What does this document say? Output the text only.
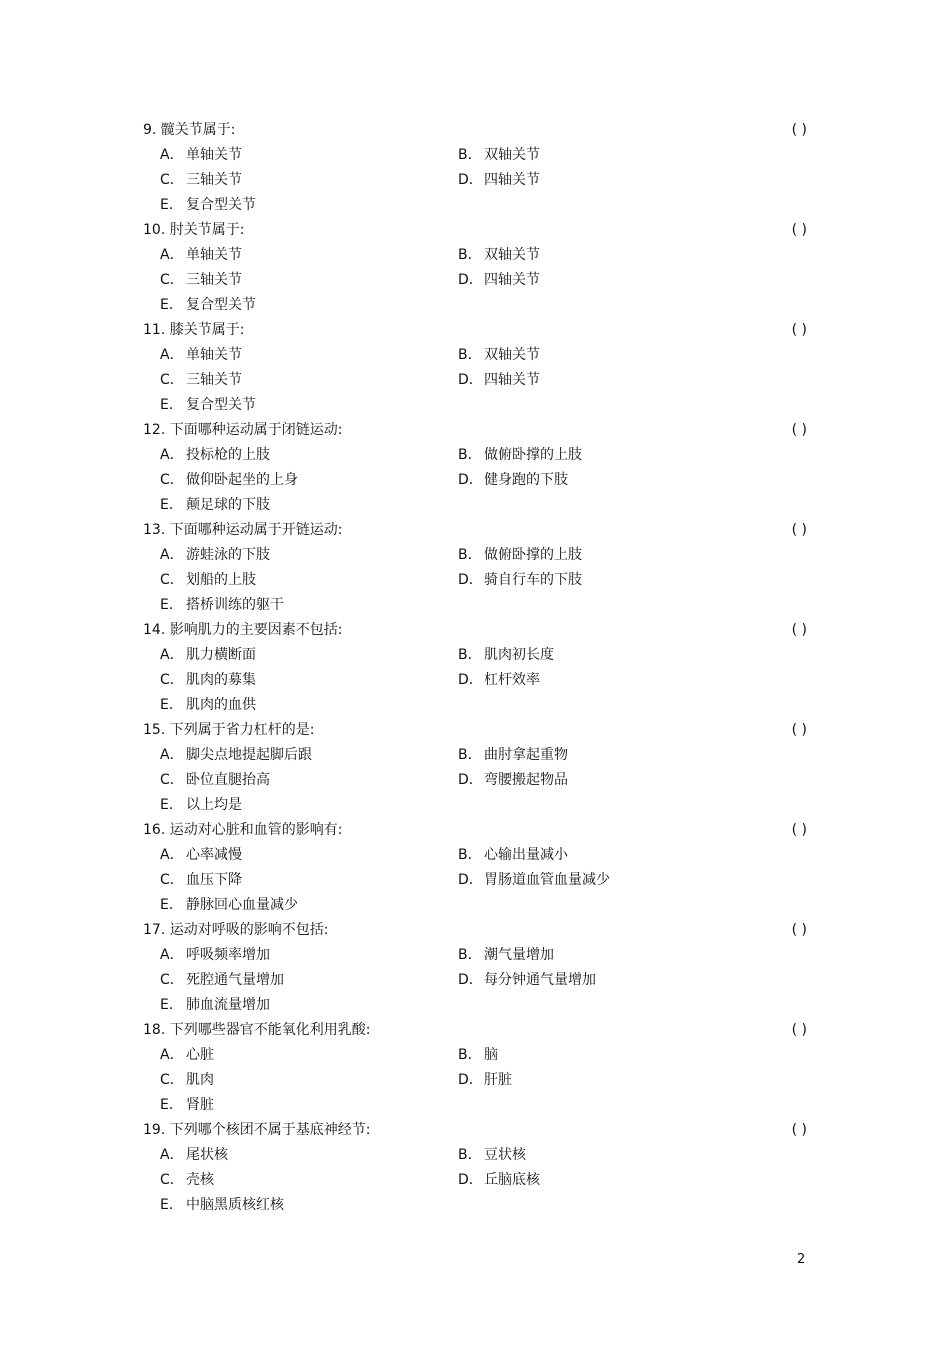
9. 髋关节属于:	( )
A． 单轴关节	B． 双轴关节
C． 三轴关节	D．四轴关节
E． 复合型关节
10. 肘关节属于:	( )
A． 单轴关节	B． 双轴关节
C． 三轴关节	D．四轴关节
E． 复合型关节
11. 膝关节属于:	( )
A． 单轴关节	B． 双轴关节
C． 三轴关节	D．四轴关节
E． 复合型关节
12. 下面哪种运动属于闭链运动:	( )
A． 投标枪的上肢	B． 做俯卧撑的上肢
C． 做仰卧起坐的上身	D．健身跑的下肢
E． 颠足球的下肢
13. 下面哪种运动属于开链运动:	( )
A． 游蛙泳的下肢	B． 做俯卧撑的上肢
C． 划船的上肢	D．骑自行车的下肢
E． 搭桥训练的躯干
14. 影响肌力的主要因素不包括:	( )
A． 肌力横断面	B． 肌肉初长度
C． 肌肉的募集	D．杠杆效率
E． 肌肉的血供
15. 下列属于省力杠杆的是:	( )
A． 脚尖点地提起脚后跟	B． 曲肘拿起重物
C． 卧位直腿抬高	D．弯腰搬起物品
E． 以上均是
16. 运动对心脏和血管的影响有:	( )
A． 心率减慢	B． 心输出量减小
C． 血压下降	D．胃肠道血管血量减少
E． 静脉回心血量减少
17. 运动对呼吸的影响不包括:	( )
A． 呼吸频率增加	B． 潮气量增加
C． 死腔通气量增加	D．每分钟通气量增加
E． 肺血流量增加
18. 下列哪些器官不能氧化利用乳酸:	( )
A． 心脏	B． 脑
C． 肌肉	D．肝脏
E． 肾脏
19. 下列哪个核团不属于基底神经节:	( )
A． 尾状核	B． 豆状核
C． 壳核	D．丘脑底核
E． 中脑黑质核红核
2
